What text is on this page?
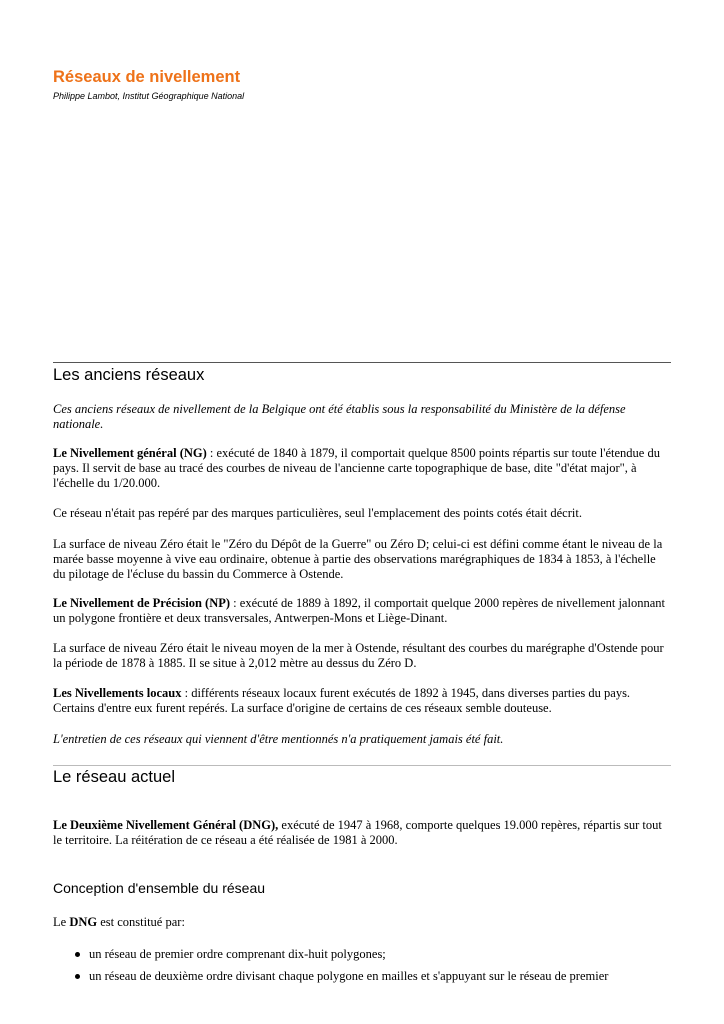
Réseaux de nivellement
Philippe Lambot, Institut Géographique National
Les anciens réseaux

Ces anciens réseaux de nivellement de la Belgique ont été établis sous la responsabilité du Ministère de la défense nationale.

Le Nivellement général (NG) : exécuté de 1840 à 1879, il comportait quelque 8500 points répartis sur toute l'étendue du pays. Il servit de base au tracé des courbes de niveau de l'ancienne carte topographique de base, dite "d'état major", à l'échelle du 1/20.000.

Ce réseau n'était pas repéré par des marques particulières, seul l'emplacement des points cotés était décrit.

La surface de niveau Zéro était le "Zéro du Dépôt de la Guerre" ou Zéro D; celui-ci est défini comme étant le niveau de la marée basse moyenne à vive eau ordinaire, obtenue à partie des observations marégraphiques de 1834 à 1853, à l'échelle du pilotage de l'écluse du bassin du Commerce à Ostende.

Le Nivellement de Précision (NP) : exécuté de 1889 à 1892, il comportait quelque 2000 repères de nivellement jalonnant un polygone frontière et deux transversales, Antwerpen-Mons et Liège-Dinant.

La surface de niveau Zéro était le niveau moyen de la mer à Ostende, résultant des courbes du marégraphe d'Ostende pour la période de 1878 à 1885. Il se situe à 2,012 mètre au dessus du Zéro D.

Les Nivellements locaux : différents réseaux locaux furent exécutés de 1892 à 1945, dans diverses parties du pays. Certains d'entre eux furent repérés. La surface d'origine de certains de ces réseaux semble douteuse.

L'entretien de ces réseaux qui viennent d'être mentionnés n'a pratiquement jamais été fait.

Le réseau actuel

Le Deuxième Nivellement Général (DNG), exécuté de 1947 à 1968, comporte quelques 19.000 repères, répartis sur tout le territoire. La réitération de ce réseau a été réalisée de 1981 à 2000.

Conception d'ensemble du réseau

Le DNG est constitué par:

un réseau de premier ordre comprenant dix-huit polygones;
un réseau de deuxième ordre divisant chaque polygone en mailles et s'appuyant sur le réseau de premier
